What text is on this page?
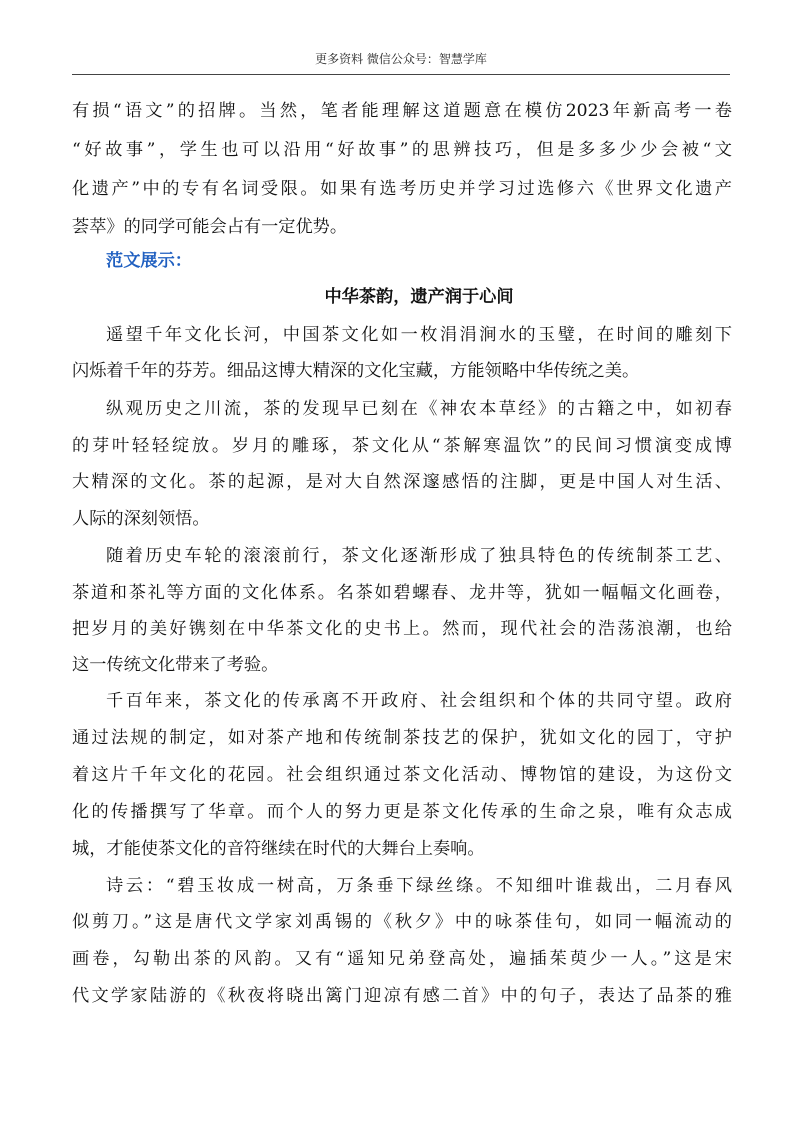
更多资料 微信公众号：智慧学库
有损“语文”的招牌。当然，笔者能理解这道题意在模仿2023年新高考一卷
“好故事”，学生也可以沿用“好故事”的思辨技巧，但是多多少少会被“文
化遗产”中的专有名词受限。如果有选考历史并学习过选修六《世界文化遗产
荟萃》的同学可能会占有一定优势。
范文展示：
中华茶韵，遗产润于心间
遥望千年文化长河，中国茶文化如一枚涓涓涧水的玉璧，在时间的雕刻下
闪烁着千年的芬芳。细品这博大精深的文化宝藏，方能领略中华传统之美。
纵观历史之川流，茶的发现早已刻在《神农本草经》的古籍之中，如初春
的芽叶轻轻绽放。岁月的雕琢，茶文化从“茶解寒温饮”的民间习惯演变成博
大精深的文化。茶的起源，是对大自然深邃感悟的注脚，更是中国人对生活、
人际的深刻领悟。
随着历史车轮的滚滚前行，茶文化逐渐形成了独具特色的传统制茶工艺、
茶道和茶礼等方面的文化体系。名茶如碧螺春、龙井等，犹如一幅幅文化画卷，
把岁月的美好镌刻在中华茶文化的史书上。然而，现代社会的浩荡浪潮，也给
这一传统文化带来了考验。
千百年来，茶文化的传承离不开政府、社会组织和个体的共同守望。政府
通过法规的制定，如对茶产地和传统制茶技艺的保护，犹如文化的园丁，守护
着这片千年文化的花园。社会组织通过茶文化活动、博物馆的建设，为这份文
化的传播撰写了华章。而个人的努力更是茶文化传承的生命之泉，唯有众志成
城，才能使茶文化的音符继续在时代的大舞台上奏响。
诗云：“碧玉妆成一树高，万条垂下绿丝绦。不知细叶谁裁出，二月春风
似剪刀。”这是唐代文学家刘禹锡的《秋夕》中的咏茶佳句，如同一幅流动的
画卷，勾勒出茶的风韵。又有“遥知兄弟登高处，遍插茱萸少一人。”这是宋
代文学家陆游的《秋夜将晓出篱门迎凉有感二首》中的句子，表达了品茶的雅
